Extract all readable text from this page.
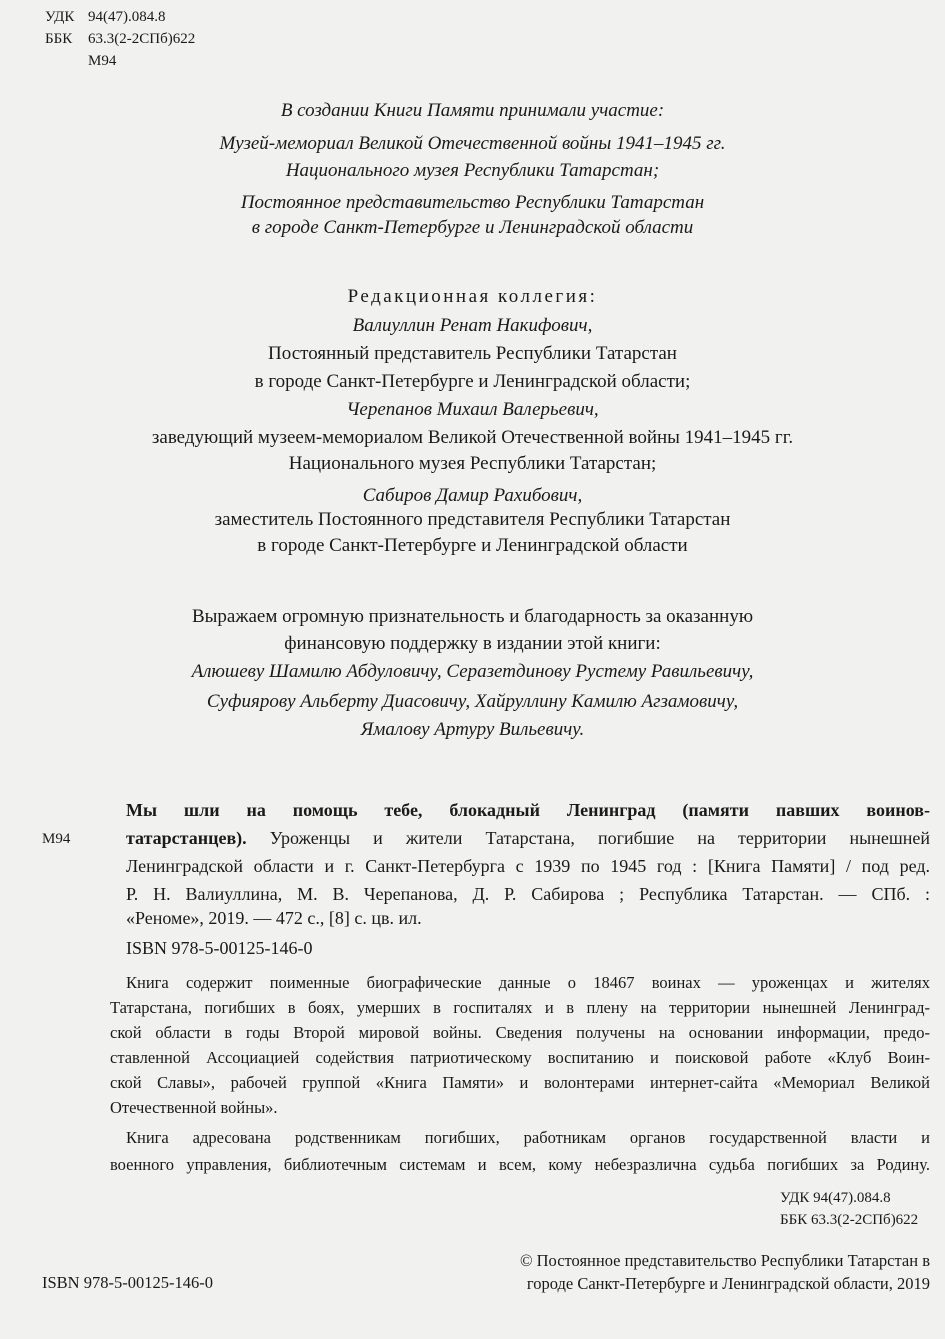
УДК 94(47).084.8
ББК 63.3(2-2СПб)622
М94
В создании Книги Памяти принимали участие:
Музей-мемориал Великой Отечественной войны 1941–1945 гг.
Национального музея Республики Татарстан;
Постоянное представительство Республики Татарстан
в городе Санкт-Петербурге и Ленинградской области
Редакционная коллегия:
Валиуллин Ренат Накифович,
Постоянный представитель Республики Татарстан
в городе Санкт-Петербурге и Ленинградской области;
Черепанов Михаил Валерьевич,
заведующий музеем-мемориалом Великой Отечественной войны 1941–1945 гг.
Национального музея Республики Татарстан;
Сабиров Дамир Рахибович,
заместитель Постоянного представителя Республики Татарстан
в городе Санкт-Петербурге и Ленинградской области
Выражаем огромную признательность и благодарность за оказанную
финансовую поддержку в издании этой книги:
Алюшеву Шамилю Абдуловичу, Серазетдинову Рустему Равильевичу,
Суфиярову Альберту Диасовичу, Хайруллину Камилю Агзамовичу,
Ямалову Артуру Вильевичу.
Мы шли на помощь тебе, блокадный Ленинград (памяти павших воинов-
М94	татарстанцев). Уроженцы и жители Татарстана, погибшие на территории нынешней
Ленинградской области и г. Санкт-Петербурга с 1939 по 1945 год : [Книга Памяти] / под ред.
Р. Н. Валиуллина, М. В. Черепанова, Д. Р. Сабирова ; Республика Татарстан. — СПб. :
«Реноме», 2019. — 472 с., [8] с. цв. ил.
ISBN 978-5-00125-146-0
Книга содержит поименные биографические данные о 18467 воинах — уроженцах и жителях
Татарстана, погибших в боях, умерших в госпиталях и в плену на территории нынешней Ленинград-
ской области в годы Второй мировой войны. Сведения получены на основании информации, предо-
ставленной Ассоциацией содействия патриотическому воспитанию и поисковой работе «Клуб Воин-
ской Славы», рабочей группой «Книга Памяти» и волонтерами интернет-сайта «Мемориал Великой
Отечественной войны».
Книга адресована родственникам погибших, работникам органов государственной власти и
военного управления, библиотечным системам и всем, кому небезразлична судьба погибших за Родину.
УДК 94(47).084.8
ББК 63.3(2-2СПб)622
ISBN 978-5-00125-146-0
© Постоянное представительство Республики Татарстан в
городе Санкт-Петербурге и Ленинградской области, 2019
